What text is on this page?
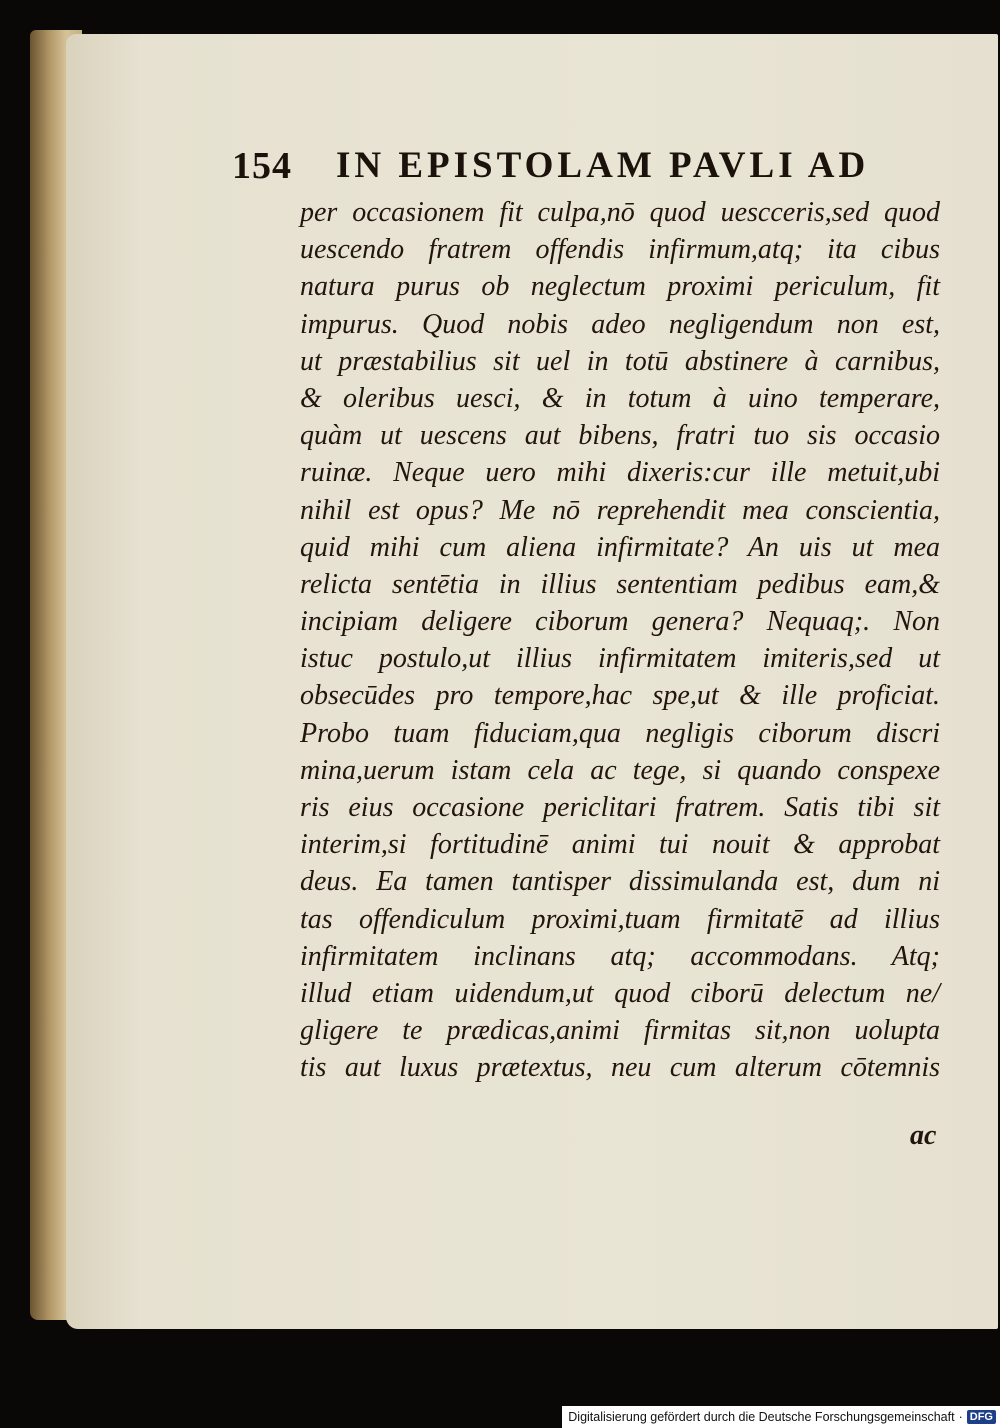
154 IN EPISTOLAM PAVLI AD
per occasionem fit culpa,nō quod uescceris,sed quod
uescendo fratrem offendis infirmum,atq; ita cibus
natura purus ob neglectum proximi periculum, fit
impurus. Quod nobis adeo negligendum non est,
ut præstabilius sit uel in totū abstinere à carnibus,
& oleribus uesci, & in totum à uino temperare,
quàm ut uescens aut bibens, fratri tuo sis occasio
ruinæ. Neque uero mihi dixeris:cur ille metuit,ubi
nihil est opus? Me nō reprehendit mea conscientia,
quid mihi cum aliena infirmitate? An uis ut mea
relicta sentētia in illius sententiam pedibus eam,&
incipiam deligere ciborum genera? Nequaq;. Non
istuc postulo,ut illius infirmitatem imiteris,sed ut
obsecūdes pro tempore,hac spe,ut & ille proficiat.
Probo tuam fiduciam,qua negligis ciborum discri
mina,uerum istam cela ac tege, si quando conspexe
ris eius occasione periclitari fratrem. Satis tibi sit
interim,si fortitudinē animi tui nouit & approbat
deus. Ea tamen tantisper dissimulanda est, dum ni
tas offendiculum proximi,tuam firmitatē ad illius
infirmitatem inclinans atq; accommodans. Atq;
illud etiam uidendum,ut quod ciborū delectum ne/
gligere te prædicas,animi firmitas sit,non uolupta
tis aut luxus prætextus, neu cum alterum cōtemnis
ac
Digitalisierung gefördert durch die Deutsche Forschungsgemeinschaft · DFG
